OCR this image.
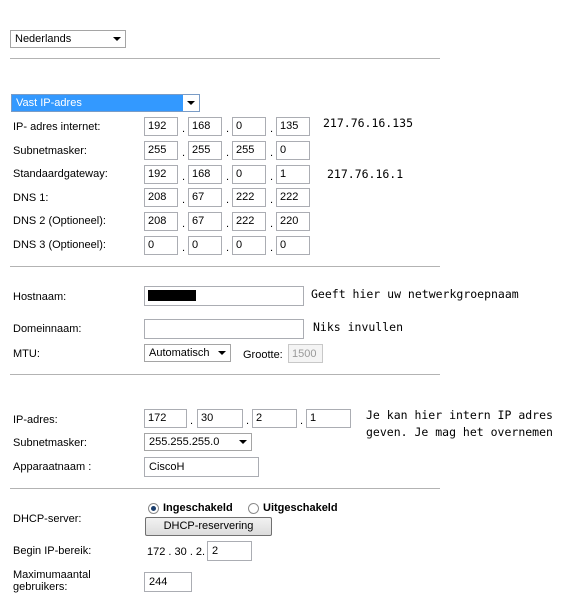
Nederlands
Vast IP-adres
IP- adres internet:	192	. 168	. 0	. 135	217.76.16.135
Subnetmasker:	255	. 255	. 255	. 0
Standaardgateway:	192	. 168	. 0	. 1	217.76.16.1
DNS 1:	208	. 67	. 222	. 222
DNS 2 (Optioneel):	208	. 67	. 222	. 220
DNS 3 (Optioneel):	0	. 0	. 0	. 0
Hostnaam:	Geeft hier uw netwerkgroepnaam
Domeinnaam:	Niks invullen
MTU:	Automatisch	Grootte: 1500
IP-adres:	172	. 30	. 2	. 1	Je kan hier intern IP adres
geven. Je mag het overnemen
Subnetmasker:	255.255.255.0
Apparaatnaam :	CiscoH
DHCP-server:
Ingeschakeld	Uitgeschakeld
DHCP-reservering
Begin IP-bereik:	172 . 30 . 2. 2
Maximumaantal
gebruikers:	244
